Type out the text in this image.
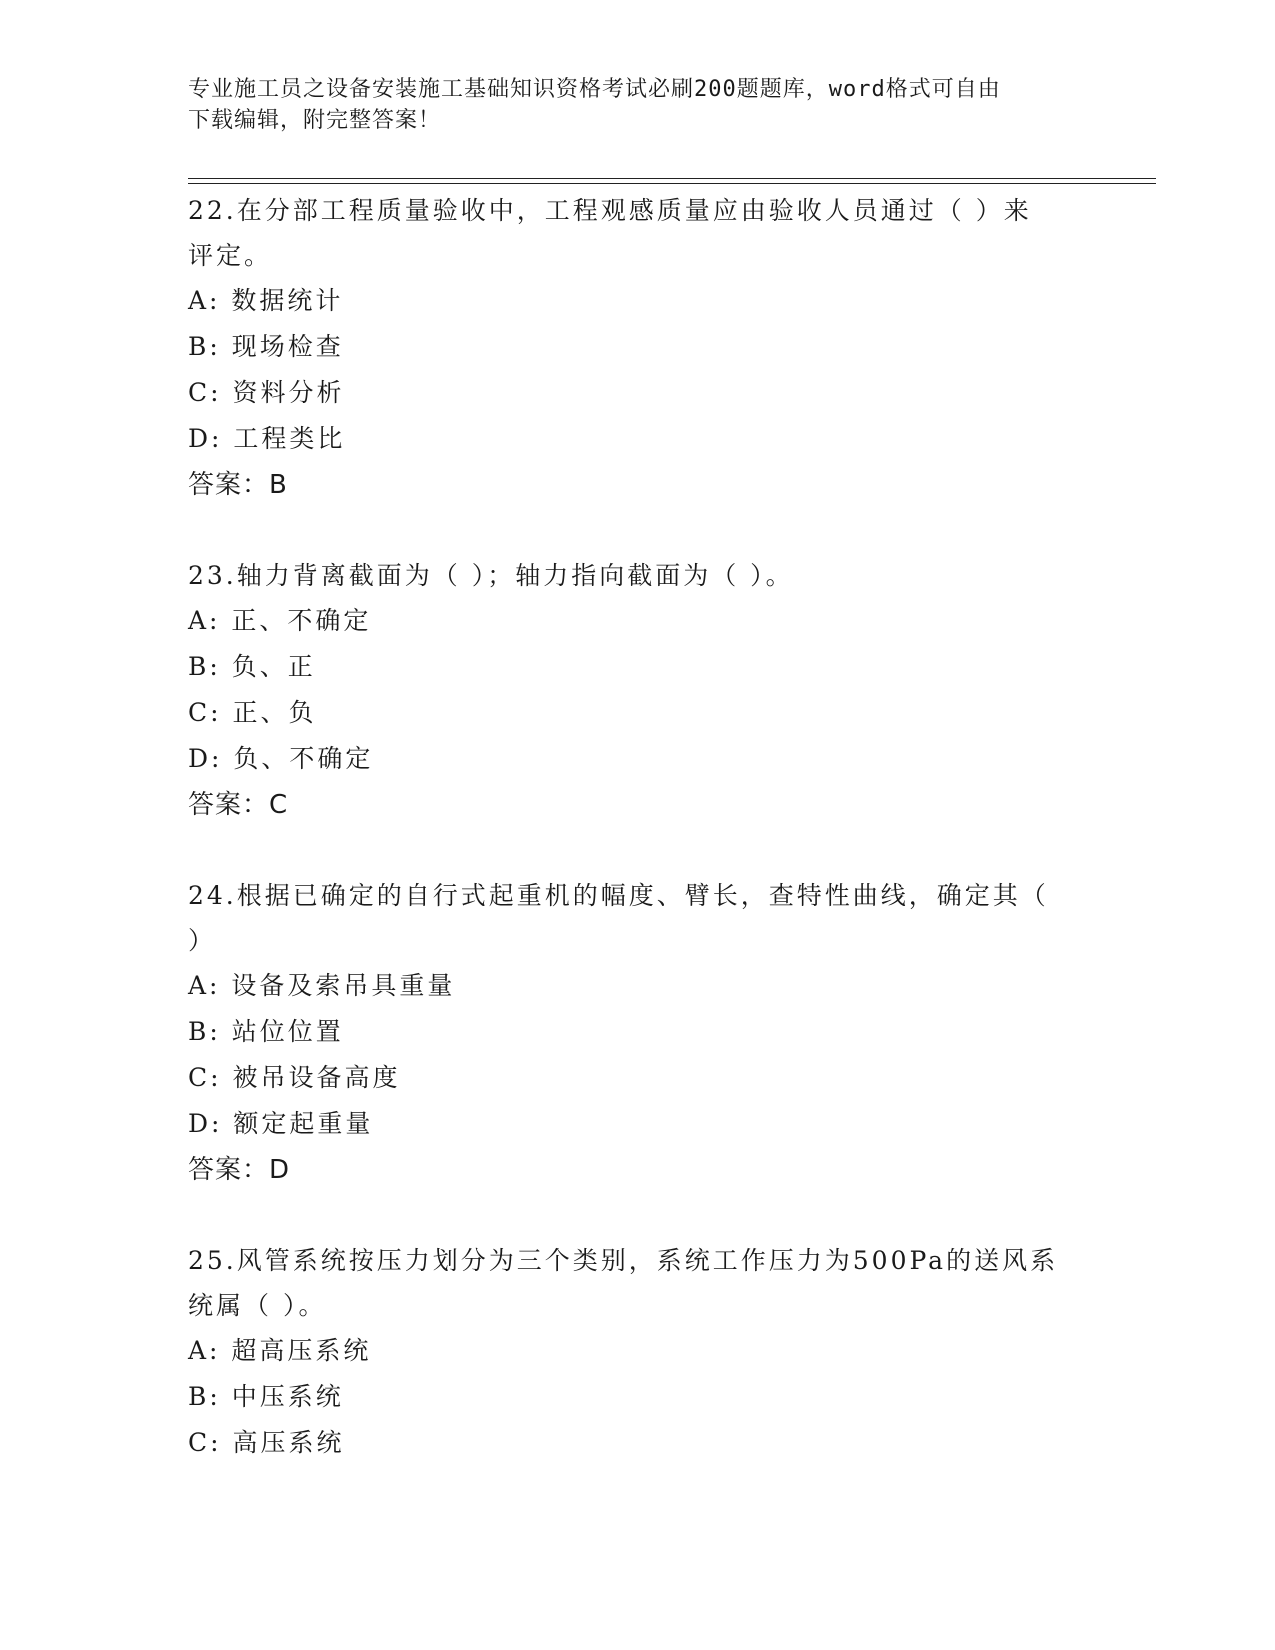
专业施工员之设备安装施工基础知识资格考试必刷200题题库，word格式可自由
下载编辑，附完整答案！

22.在分部工程质量验收中，工程观感质量应由验收人员通过（ ）来

评定。

A: 数据统计

B: 现场检查

C: 资料分析

D: 工程类比

答案：B

23.轴力背离截面为（ ）；轴力指向截面为（ ）。

A: 正、不确定

B: 负、正

C: 正、负

D: 负、不确定

答案：C

24.根据已确定的自行式起重机的幅度、臂长，查特性曲线，确定其（

）

A: 设备及索吊具重量

B: 站位位置

C: 被吊设备高度

D: 额定起重量

答案：D

25.风管系统按压力划分为三个类别，系统工作压力为500Pa的送风系

统属（ ）。

A: 超高压系统

B: 中压系统

C: 高压系统
